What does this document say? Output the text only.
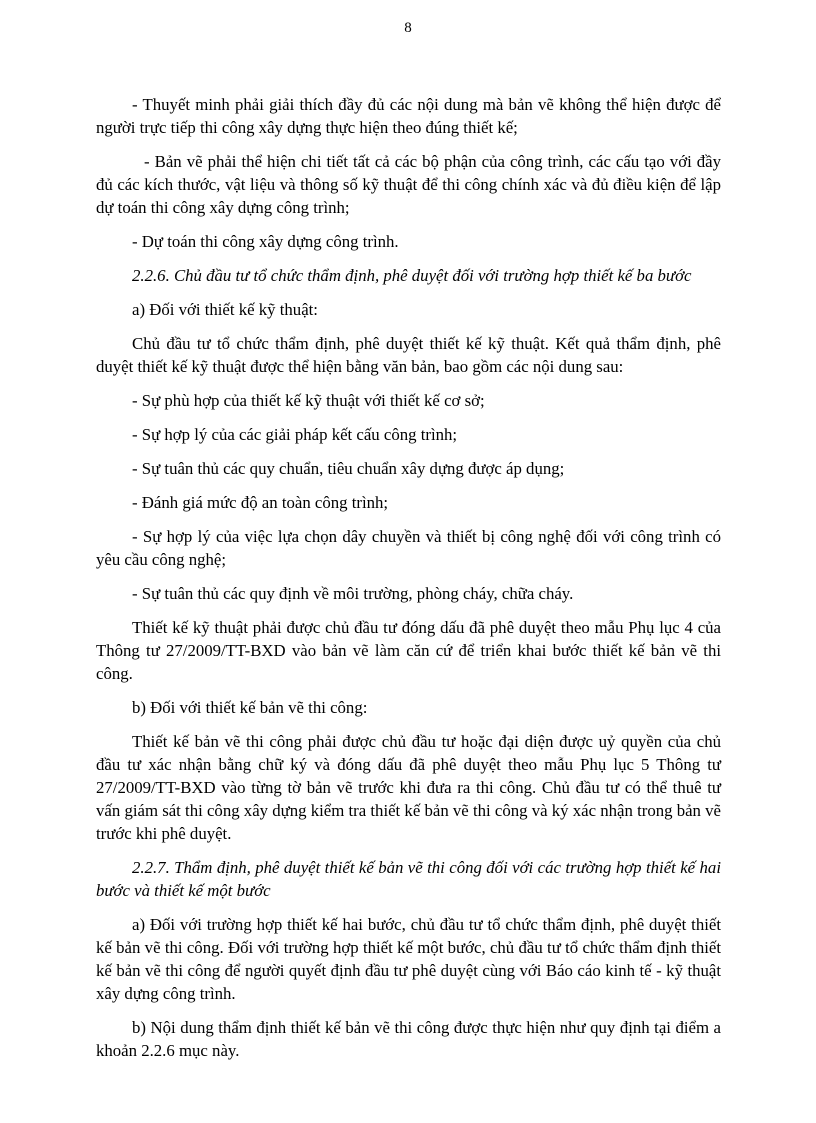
8

- Thuyết minh phải giải thích đầy đủ các nội dung mà bản vẽ không thể hiện được để người trực tiếp thi công xây dựng thực hiện theo đúng thiết kế;

- Bản vẽ phải thể hiện chi tiết tất cả các bộ phận của công trình, các cấu tạo với đầy đủ các kích thước, vật liệu và thông số kỹ thuật để thi công chính xác và đủ điều kiện để lập dự toán thi công xây dựng công trình;

- Dự toán thi công xây dựng công trình.

2.2.6. Chủ đầu tư tổ chức thẩm định, phê duyệt đối với trường hợp thiết kế ba bước

a) Đối với thiết kế kỹ thuật:

Chủ đầu tư tổ chức thẩm định, phê duyệt thiết kế kỹ thuật. Kết quả thẩm định, phê duyệt thiết kế kỹ thuật được thể hiện bằng văn bản, bao gồm các nội dung sau:

- Sự phù hợp của thiết kế kỹ thuật với thiết kế cơ sở;

- Sự hợp lý của các giải pháp kết cấu công trình;

- Sự tuân thủ các quy chuẩn, tiêu chuẩn xây dựng được áp dụng;

- Đánh giá mức độ an toàn công trình;

- Sự hợp lý của việc lựa chọn dây chuyền và thiết bị công nghệ đối với công trình có yêu cầu công nghệ;

- Sự tuân thủ các quy định về môi trường, phòng cháy, chữa cháy.

Thiết kế kỹ thuật phải được chủ đầu tư đóng dấu đã phê duyệt theo mẫu Phụ lục 4 của Thông tư 27/2009/TT-BXD vào bản vẽ làm căn cứ để triển khai bước thiết kế bản vẽ thi công.

b) Đối với thiết kế bản vẽ thi công:

Thiết kế bản vẽ thi công phải được chủ đầu tư hoặc đại diện được uỷ quyền của chủ đầu tư xác nhận bằng chữ ký và đóng dấu đã phê duyệt theo mẫu Phụ lục 5 Thông tư 27/2009/TT-BXD vào từng tờ bản vẽ trước khi đưa ra thi công. Chủ đầu tư có thể thuê tư vấn giám sát thi công xây dựng kiểm tra thiết kế bản vẽ thi công và ký xác nhận trong bản vẽ trước khi phê duyệt.

2.2.7. Thẩm định, phê duyệt thiết kế bản vẽ thi công đối với các trường hợp thiết kế hai bước và thiết kế một bước

a) Đối với trường hợp thiết kế hai bước, chủ đầu tư tổ chức thẩm định, phê duyệt thiết kế bản vẽ thi công. Đối với trường hợp thiết kế một bước, chủ đầu tư tổ chức thẩm định thiết kế bản vẽ thi công để người quyết định đầu tư phê duyệt cùng với Báo cáo kinh tế - kỹ thuật xây dựng công trình.

b) Nội dung thẩm định thiết kế bản vẽ thi công được thực hiện như quy định tại điểm a khoản 2.2.6 mục này.
